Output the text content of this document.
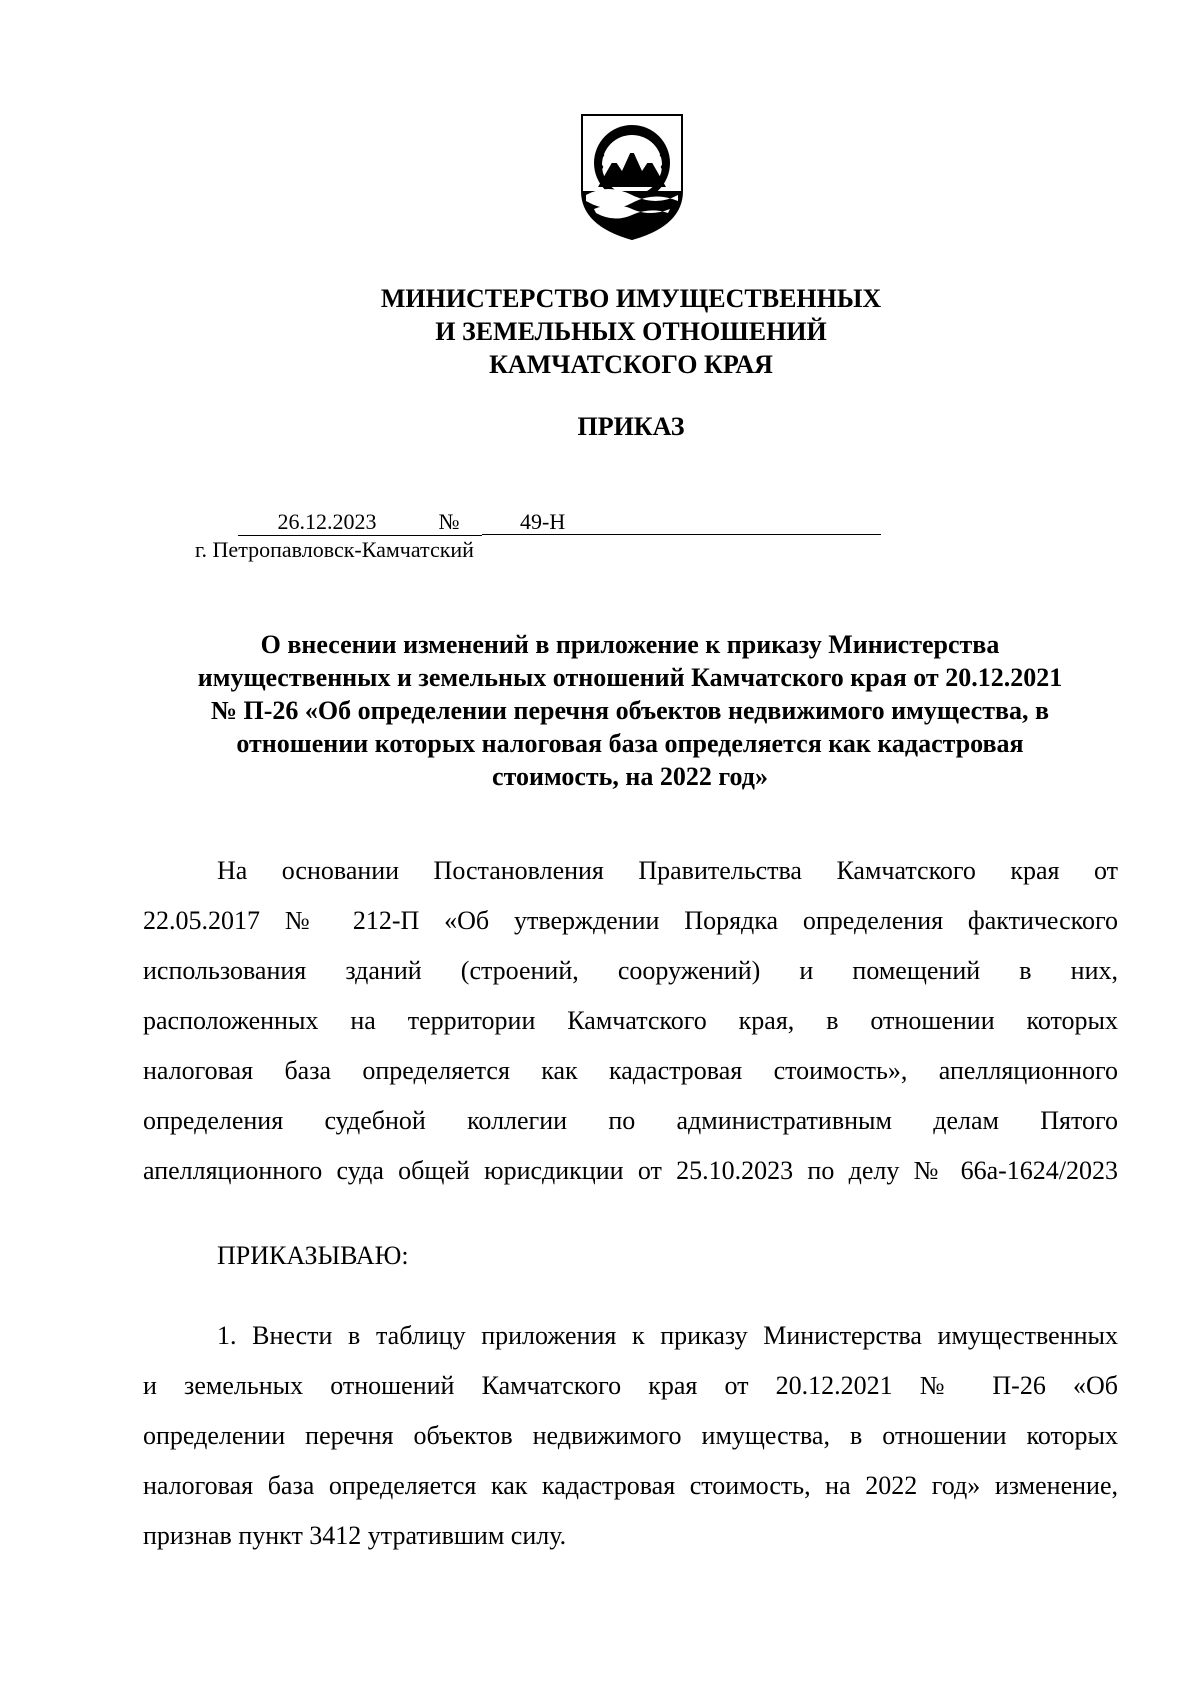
МИНИСТЕРСТВО ИМУЩЕСТВЕННЫХ
И ЗЕМЕЛЬНЫХ ОТНОШЕНИЙ
КАМЧАТСКОГО КРАЯ
ПРИКАЗ
26.12.2023	№	49-Н
г. Петропавловск-Камчатский
О внесении изменений в приложение к приказу Министерства
имущественных и земельных отношений Камчатского края от 20.12.2021
№ П-26 «Об определении перечня объектов недвижимого имущества, в
отношении которых налоговая база определяется как кадастровая
стоимость, на 2022 год»
На основании Постановления Правительства Камчатского края от
22.05.2017 № 212-П «Об утверждении Порядка определения фактического
использования зданий (строений, сооружений) и помещений в них,
расположенных на территории Камчатского края, в отношении которых
налоговая база определяется как кадастровая стоимость», апелляционного
определения судебной коллегии по административным делам Пятого
апелляционного суда общей юрисдикции от 25.10.2023 по делу № 66а-1624/2023
ПРИКАЗЫВАЮ:
1. Внести в таблицу приложения к приказу Министерства имущественных
и земельных отношений Камчатского края от 20.12.2021 № П-26 «Об
определении перечня объектов недвижимого имущества, в отношении которых
налоговая база определяется как кадастровая стоимость, на 2022 год» изменение,
признав пункт 3412 утратившим силу.
